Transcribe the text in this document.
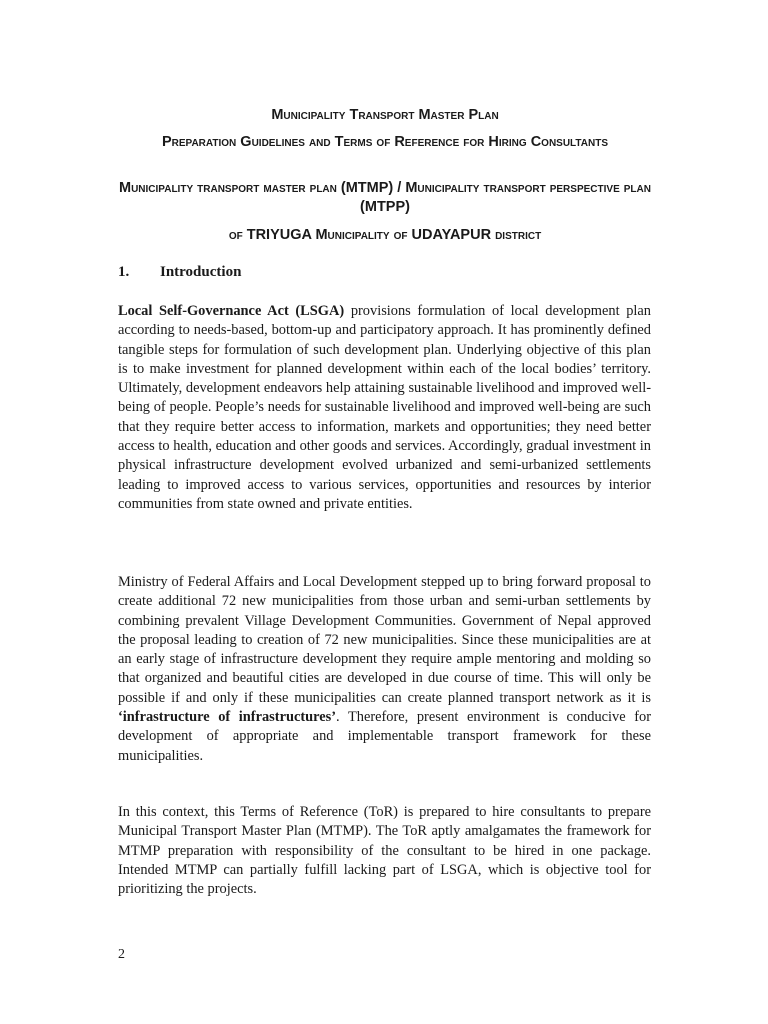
Municipality Transport Master Plan
Preparation Guidelines and Terms of Reference for Hiring Consultants
Municipality transport master plan (MTMP) / Municipality transport perspective plan (MTPP)
of TRIYUGA Municipality of UDAYAPUR district
1. Introduction
Local Self-Governance Act (LSGA) provisions formulation of local development plan according to needs-based, bottom-up and participatory approach. It has prominently defined tangible steps for formulation of such development plan. Underlying objective of this plan is to make investment for planned development within each of the local bodies’ territory. Ultimately, development endeavors help attaining sustainable livelihood and improved well-being of people. People’s needs for sustainable livelihood and improved well-being are such that they require better access to information, markets and opportunities; they need better access to health, education and other goods and services. Accordingly, gradual investment in physical infrastructure development evolved urbanized and semi-urbanized settlements leading to improved access to various services, opportunities and resources by interior communities from state owned and private entities.
Ministry of Federal Affairs and Local Development stepped up to bring forward proposal to create additional 72 new municipalities from those urban and semi-urban settlements by combining prevalent Village Development Communities. Government of Nepal approved the proposal leading to creation of 72 new municipalities. Since these municipalities are at an early stage of infrastructure development they require ample mentoring and molding so that organized and beautiful cities are developed in due course of time. This will only be possible if and only if these municipalities can create planned transport network as it is ‘infrastructure of infrastructures’. Therefore, present environment is conducive for development of appropriate and implementable transport framework for these municipalities.
In this context, this Terms of Reference (ToR) is prepared to hire consultants to prepare Municipal Transport Master Plan (MTMP). The ToR aptly amalgamates the framework for MTMP preparation with responsibility of the consultant to be hired in one package. Intended MTMP can partially fulfill lacking part of LSGA, which is objective tool for prioritizing the projects.
2
